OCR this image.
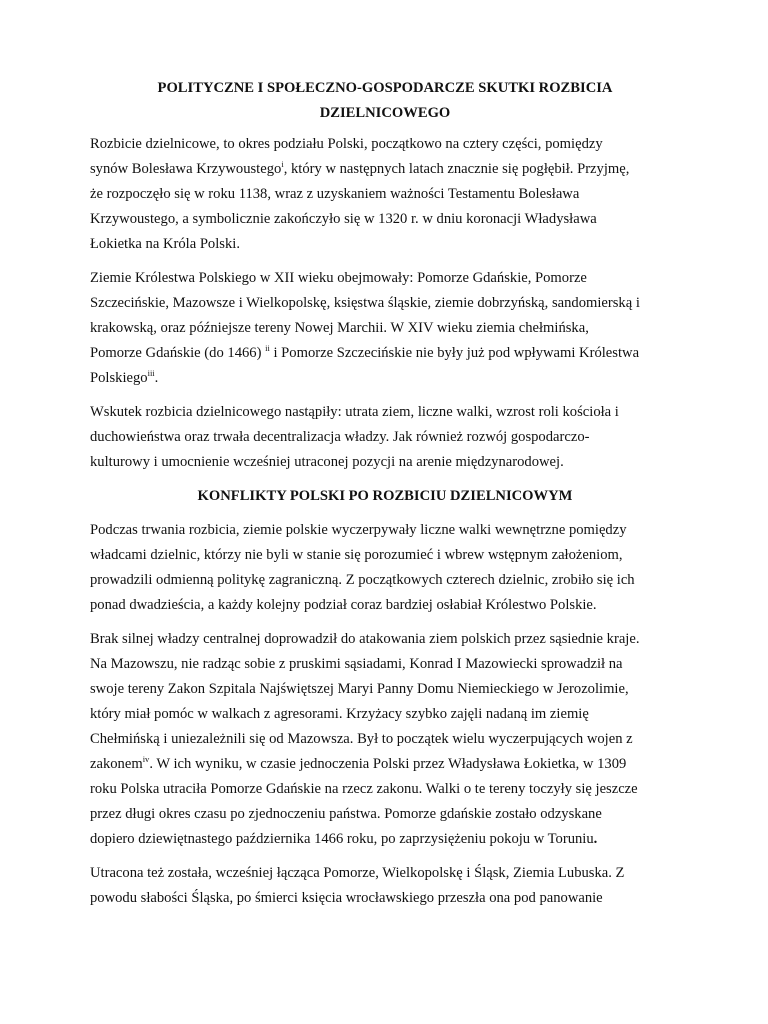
POLITYCZNE I SPOŁECZNO-GOSPODARCZE SKUTKI ROZBICIA
DZIELNICOWEGO

Rozbicie dzielnicowe, to okres podziału Polski, początkowo na cztery części, pomiędzy
synów Bolesława Krzywoustego$^i$, który w następnych latach znacznie się pogłębił. Przyjmę,
że rozpoczęło się w roku 1138, wraz z uzyskaniem ważności Testamentu Bolesława
Krzywoustego, a symbolicznie zakończyło się w 1320 r. w dniu koronacji Władysława
Łokietka na Króla Polski.

Ziemie Królestwa Polskiego w XII wieku obejmowały: Pomorze Gdańskie, Pomorze
Szczecińskie, Mazowsze i Wielkopolskę, księstwa śląskie, ziemie dobrzyńską, sandomierską i
krakowską, oraz późniejsze tereny Nowej Marchii. W XIV wieku ziemia chełmińska,
Pomorze Gdańskie (do 1466) $^{ii}$ i Pomorze Szczecińskie nie były już pod wpływami Królestwa
Polskiego$^{iii}$.

Wskutek rozbicia dzielnicowego nastąpiły: utrata ziem, liczne walki, wzrost roli kościoła i
duchowieństwa oraz trwała decentralizacja władzy. Jak również rozwój gospodarczo-
kulturowy i umocnienie wcześniej utraconej pozycji na arenie międzynarodowej.

KONFLIKTY POLSKI PO ROZBICIU DZIELNICOWYM

Podczas trwania rozbicia, ziemie polskie wyczerpywały liczne walki wewnętrzne pomiędzy
władcami dzielnic, którzy nie byli w stanie się porozumieć i wbrew wstępnym założeniom,
prowadzili odmienną politykę zagraniczną. Z początkowych czterech dzielnic, zrobiło się ich
ponad dwadzieścia, a każdy kolejny podział coraz bardziej osłabiał Królestwo Polskie.

Brak silnej władzy centralnej doprowadził do atakowania ziem polskich przez sąsiednie kraje.
Na Mazowszu, nie radząc sobie z pruskimi sąsiadami, Konrad I Mazowiecki sprowadził na
swoje tereny Zakon Szpitala Najświętszej Maryi Panny Domu Niemieckiego w Jerozolimie,
który miał pomóc w walkach z agresorami. Krzyżacy szybko zajęli nadaną im ziemię
Chełmińską i uniezależnili się od Mazowsza. Był to początek wielu wyczerpujących wojen z
zakonem$^{iv}$. W ich wyniku, w czasie jednoczenia Polski przez Władysława Łokietka, w 1309
roku Polska utraciła Pomorze Gdańskie na rzecz zakonu. Walki o te tereny toczyły się jeszcze
przez długi okres czasu po zjednoczeniu państwa. Pomorze gdańskie zostało odzyskane
dopiero dziewiętnastego października 1466 roku, po zaprzysiężeniu pokoju w Toruniu.

Utracona też została, wcześniej łącząca Pomorze, Wielkopolskę i Śląsk, Ziemia Lubuska. Z
powodu słabości Śląska, po śmierci księcia wrocławskiego przeszła ona pod panowanie
